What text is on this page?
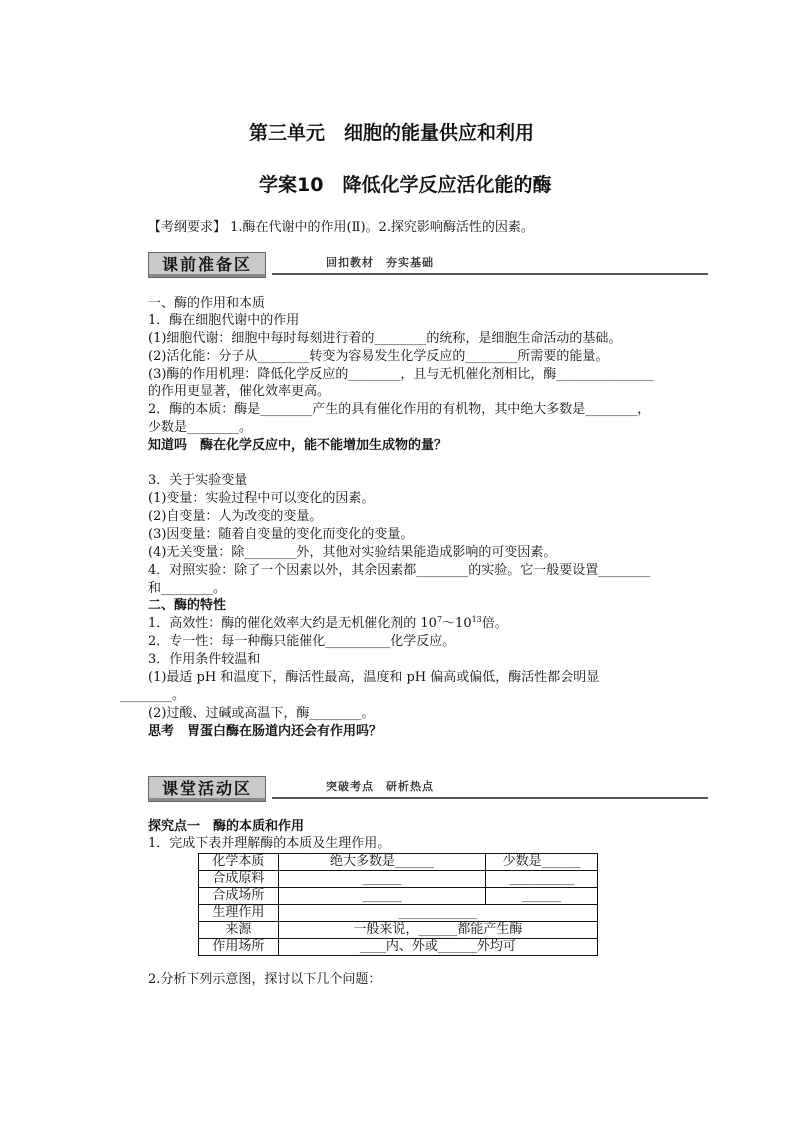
第三单元　细胞的能量供应和利用
学案10　降低化学反应活化能的酶
【考纲要求】 1.酶在代谢中的作用(Ⅱ)。2.探究影响酶活性的因素。
课前准备区	回扣教材　夯实基础
一、酶的作用和本质
1．酶在细胞代谢中的作用
(1)细胞代谢：细胞中每时每刻进行着的________的统称，是细胞生命活动的基础。
(2)活化能：分子从________转变为容易发生化学反应的________所需要的能量。
(3)酶的作用机理：降低化学反应的________，且与无机催化剂相比，酶_______________
的作用更显著，催化效率更高。
2．酶的本质：酶是________产生的具有催化作用的有机物，其中绝大多数是________，
少数是________。
知道吗　酶在化学反应中，能不能增加生成物的量？
3．关于实验变量
(1)变量：实验过程中可以变化的因素。
(2)自变量：人为改变的变量。
(3)因变量：随着自变量的变化而变化的变量。
(4)无关变量：除________外，其他对实验结果能造成影响的可变因素。
4．对照实验：除了一个因素以外，其余因素都________的实验。它一般要设置________
和________。
二、酶的特性
1．高效性：酶的催化效率大约是无机催化剂的 $10^7\sim 10^{13}$倍。
2．专一性：每一种酶只能催化__________化学反应。
3．作用条件较温和
(1)最适 pH 和温度下，酶活性最高，温度和 pH 偏高或偏低，酶活性都会明显
________。
(2)过酸、过碱或高温下，酶________。
思考　胃蛋白酶在肠道内还会有作用吗？
课堂活动区	突破考点　研析热点
探究点一　酶的本质和作用
1．完成下表并理解酶的本质及生理作用。
化学本质	绝大多数是______	少数是______
合成原料	______	__________
合成场所	______	______
生理作用	____________	
来源	一般来说，______都能产生酶	
作用场所	____内、外或______外均可	
2.分析下列示意图，探讨以下几个问题：
